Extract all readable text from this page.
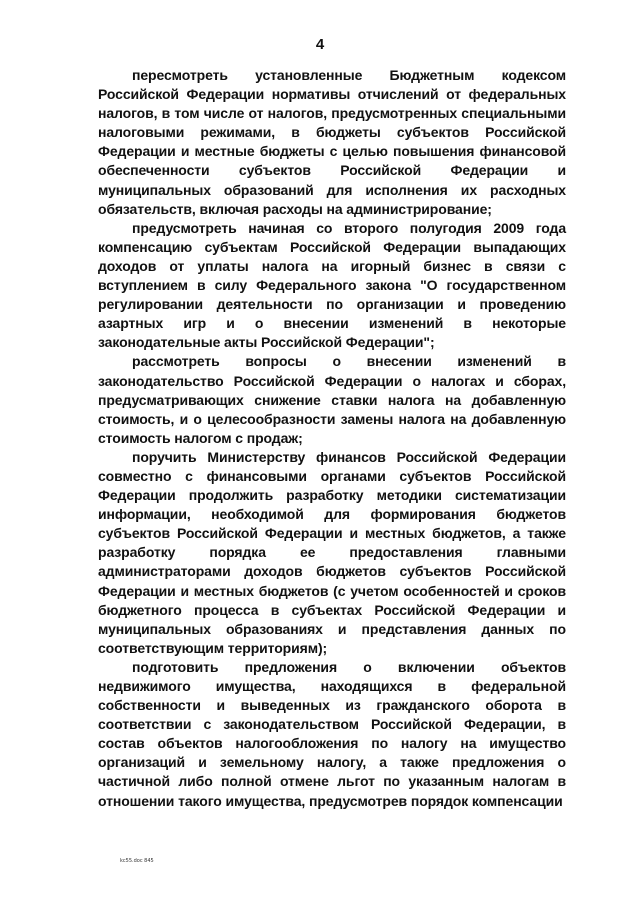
4

пересмотреть установленные Бюджетным кодексом Российской Федерации нормативы отчислений от федеральных налогов, в том числе от налогов, предусмотренных специальными налоговыми режимами, в бюджеты субъектов Российской Федерации и местные бюджеты с целью повышения финансовой обеспеченности субъектов Российской Федерации и муниципальных образований для исполнения их расходных обязательств, включая расходы на администрирование;

предусмотреть начиная со второго полугодия 2009 года компенсацию субъектам Российской Федерации выпадающих доходов от уплаты налога на игорный бизнес в связи с вступлением в силу Федерального закона "О государственном регулировании деятельности по организации и проведению азартных игр и о внесении изменений в некоторые законодательные акты Российской Федерации";

рассмотреть вопросы о внесении изменений в законодательство Российской Федерации о налогах и сборах, предусматривающих снижение ставки налога на добавленную стоимость, и о целесообразности замены налога на добавленную стоимость налогом с продаж;

поручить Министерству финансов Российской Федерации совместно с финансовыми органами субъектов Российской Федерации продолжить разработку методики систематизации информации, необходимой для формирования бюджетов субъектов Российской Федерации и местных бюджетов, а также разработку порядка ее предоставления главными администраторами доходов бюджетов субъектов Российской Федерации и местных бюджетов (с учетом особенностей и сроков бюджетного процесса в субъектах Российской Федерации и муниципальных образованиях и представления данных по соответствующим территориям);

подготовить предложения о включении объектов недвижимого имущества, находящихся в федеральной собственности и выведенных из гражданского оборота в соответствии с законодательством Российской Федерации, в состав объектов налогообложения по налогу на имущество организаций и земельному налогу, а также предложения о частичной либо полной отмене льгот по указанным налогам в отношении такого имущества, предусмотрев порядок компенсации

kc55.doc 845
